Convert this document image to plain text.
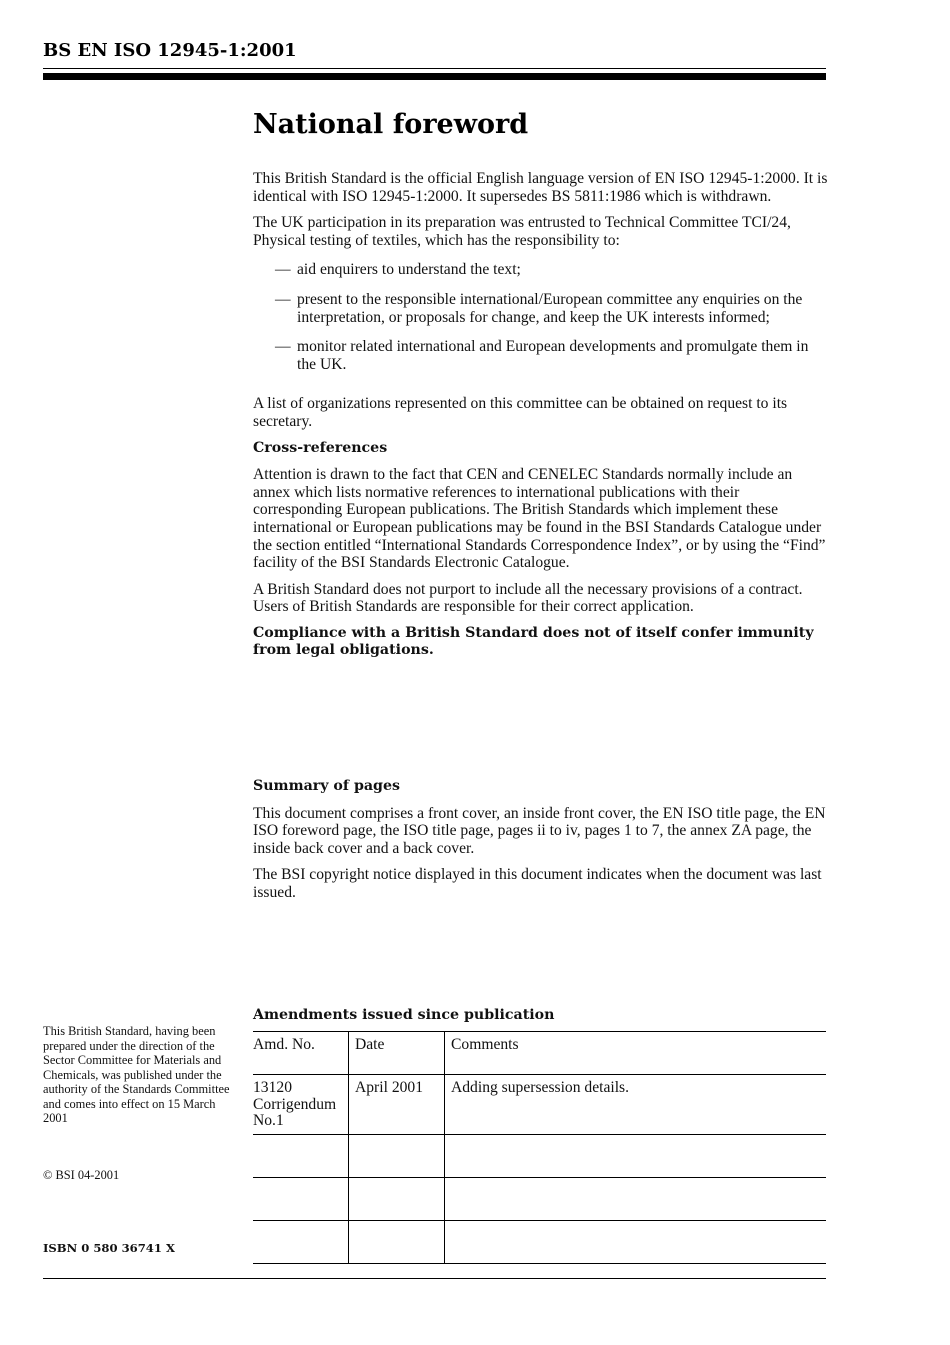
BS EN ISO 12945-1:2001
National foreword

This British Standard is the official English language version of EN ISO 12945-1:2000. It is identical with ISO 12945-1:2000. It supersedes BS 5811:1986 which is withdrawn.

The UK participation in its preparation was entrusted to Technical Committee TCI/24, Physical testing of textiles, which has the responsibility to:

— aid enquirers to understand the text;
— present to the responsible international/European committee any enquiries on the interpretation, or proposals for change, and keep the UK interests informed;
— monitor related international and European developments and promulgate them in the UK.

A list of organizations represented on this committee can be obtained on request to its secretary.

Cross-references

Attention is drawn to the fact that CEN and CENELEC Standards normally include an annex which lists normative references to international publications with their corresponding European publications. The British Standards which implement these international or European publications may be found in the BSI Standards Catalogue under the section entitled “International Standards Correspondence Index”, or by using the “Find” facility of the BSI Standards Electronic Catalogue.

A British Standard does not purport to include all the necessary provisions of a contract. Users of British Standards are responsible for their correct application.

Compliance with a British Standard does not of itself confer immunity from legal obligations.

Summary of pages

This document comprises a front cover, an inside front cover, the EN ISO title page, the EN ISO foreword page, the ISO title page, pages ii to iv, pages 1 to 7, the annex ZA page, the inside back cover and a back cover.

The BSI copyright notice displayed in this document indicates when the document was last issued.

Amendments issued since publication
Amd. No.	Date	Comments

13120
Corrigendum
No.1	April 2001	Adding supersession details.

This British Standard, having been prepared under the direction of the Sector Committee for Materials and Chemicals, was published under the authority of the Standards Committee and comes into effect on 15 March 2001

© BSI 04-2001

ISBN 0 580 36741 X
